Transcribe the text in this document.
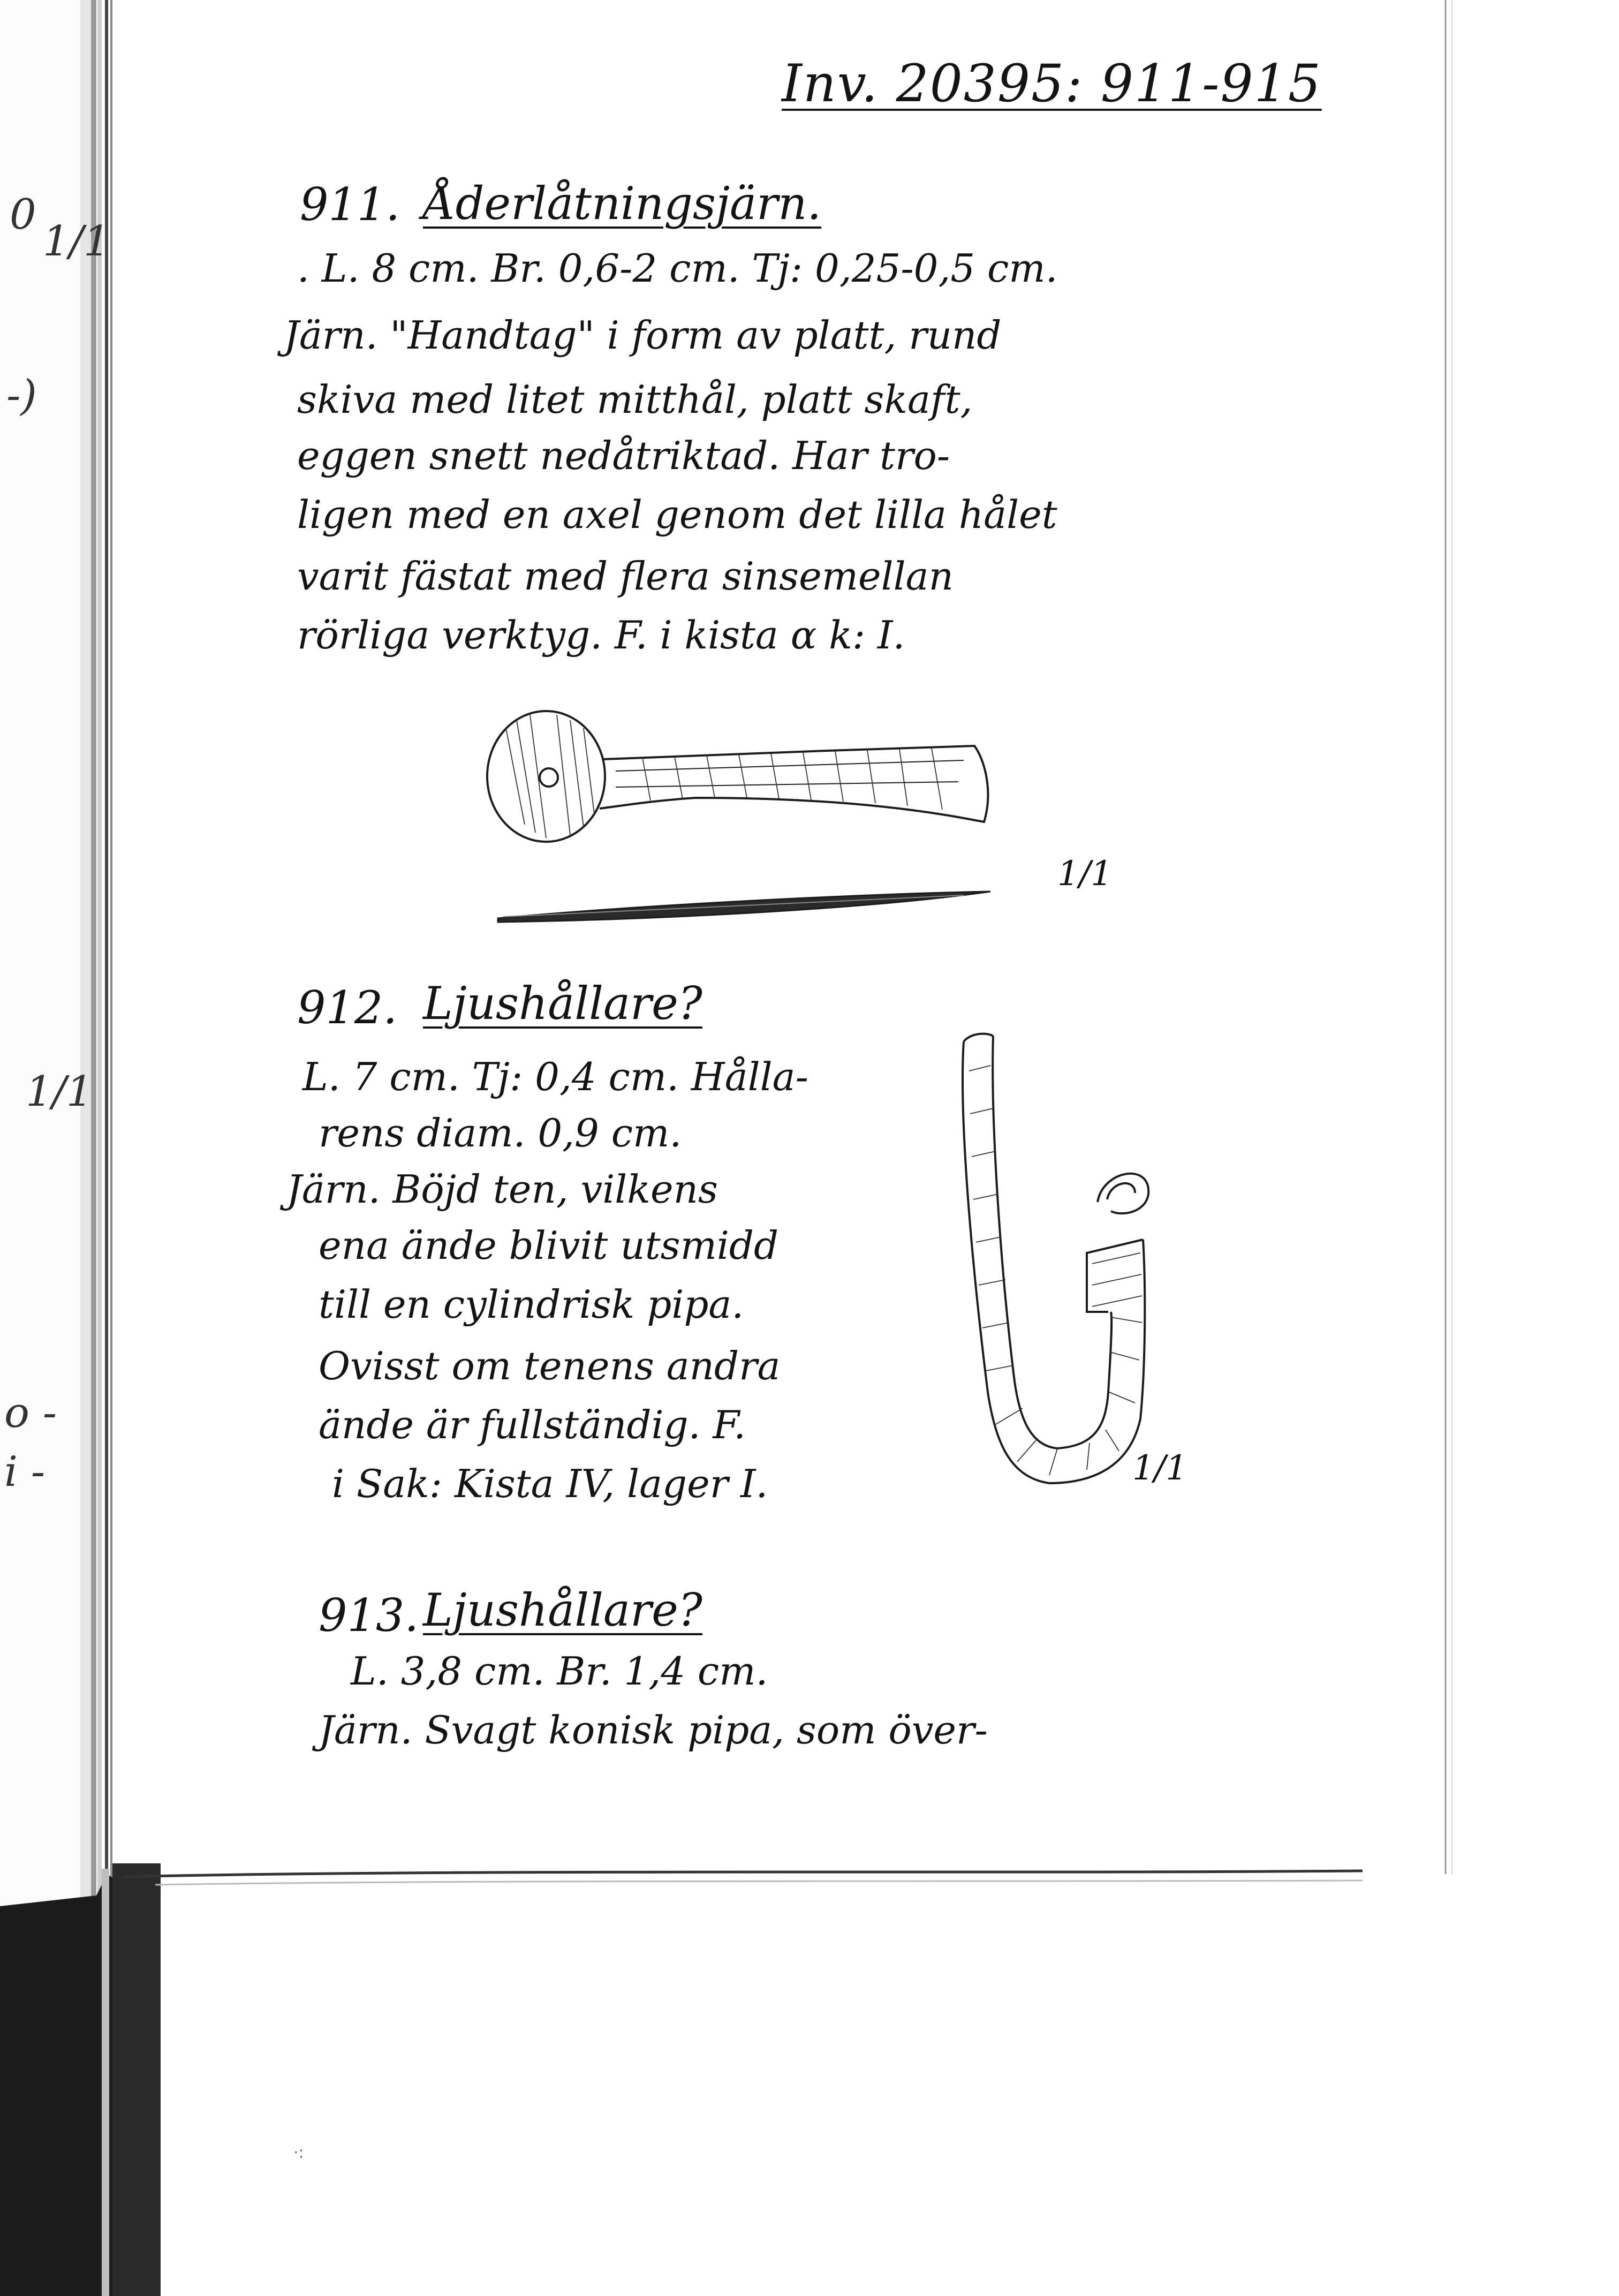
·:
0
1/1
-)
1/1
o -
i -
Inv. 20395: 911-915
911. Åderlåtningsjärn.
. L. 8 cm. Br. 0,6-2 cm. Tj: 0,25-0,5 cm.
Järn. "Handtag" i form av platt, rund
skiva med litet mitthål, platt skaft,
eggen snett nedåtriktad. Har tro-
ligen med en axel genom det lilla hålet
varit fästat med flera sinsemellan
rörliga verktyg. F. i kista α k: I.
1/1
912. Ljushållare?
L. 7 cm. Tj: 0,4 cm. Hålla-
rens diam. 0,9 cm.
Järn. Böjd ten, vilkens
ena ände blivit utsmidd
till en cylindrisk pipa.
Ovisst om tenens andra
ände är fullständig. F.
i Sak: Kista IV, lager I.	1/1
913. Ljushållare?
L. 3,8 cm. Br. 1,4 cm.
Järn. Svagt konisk pipa, som över-
